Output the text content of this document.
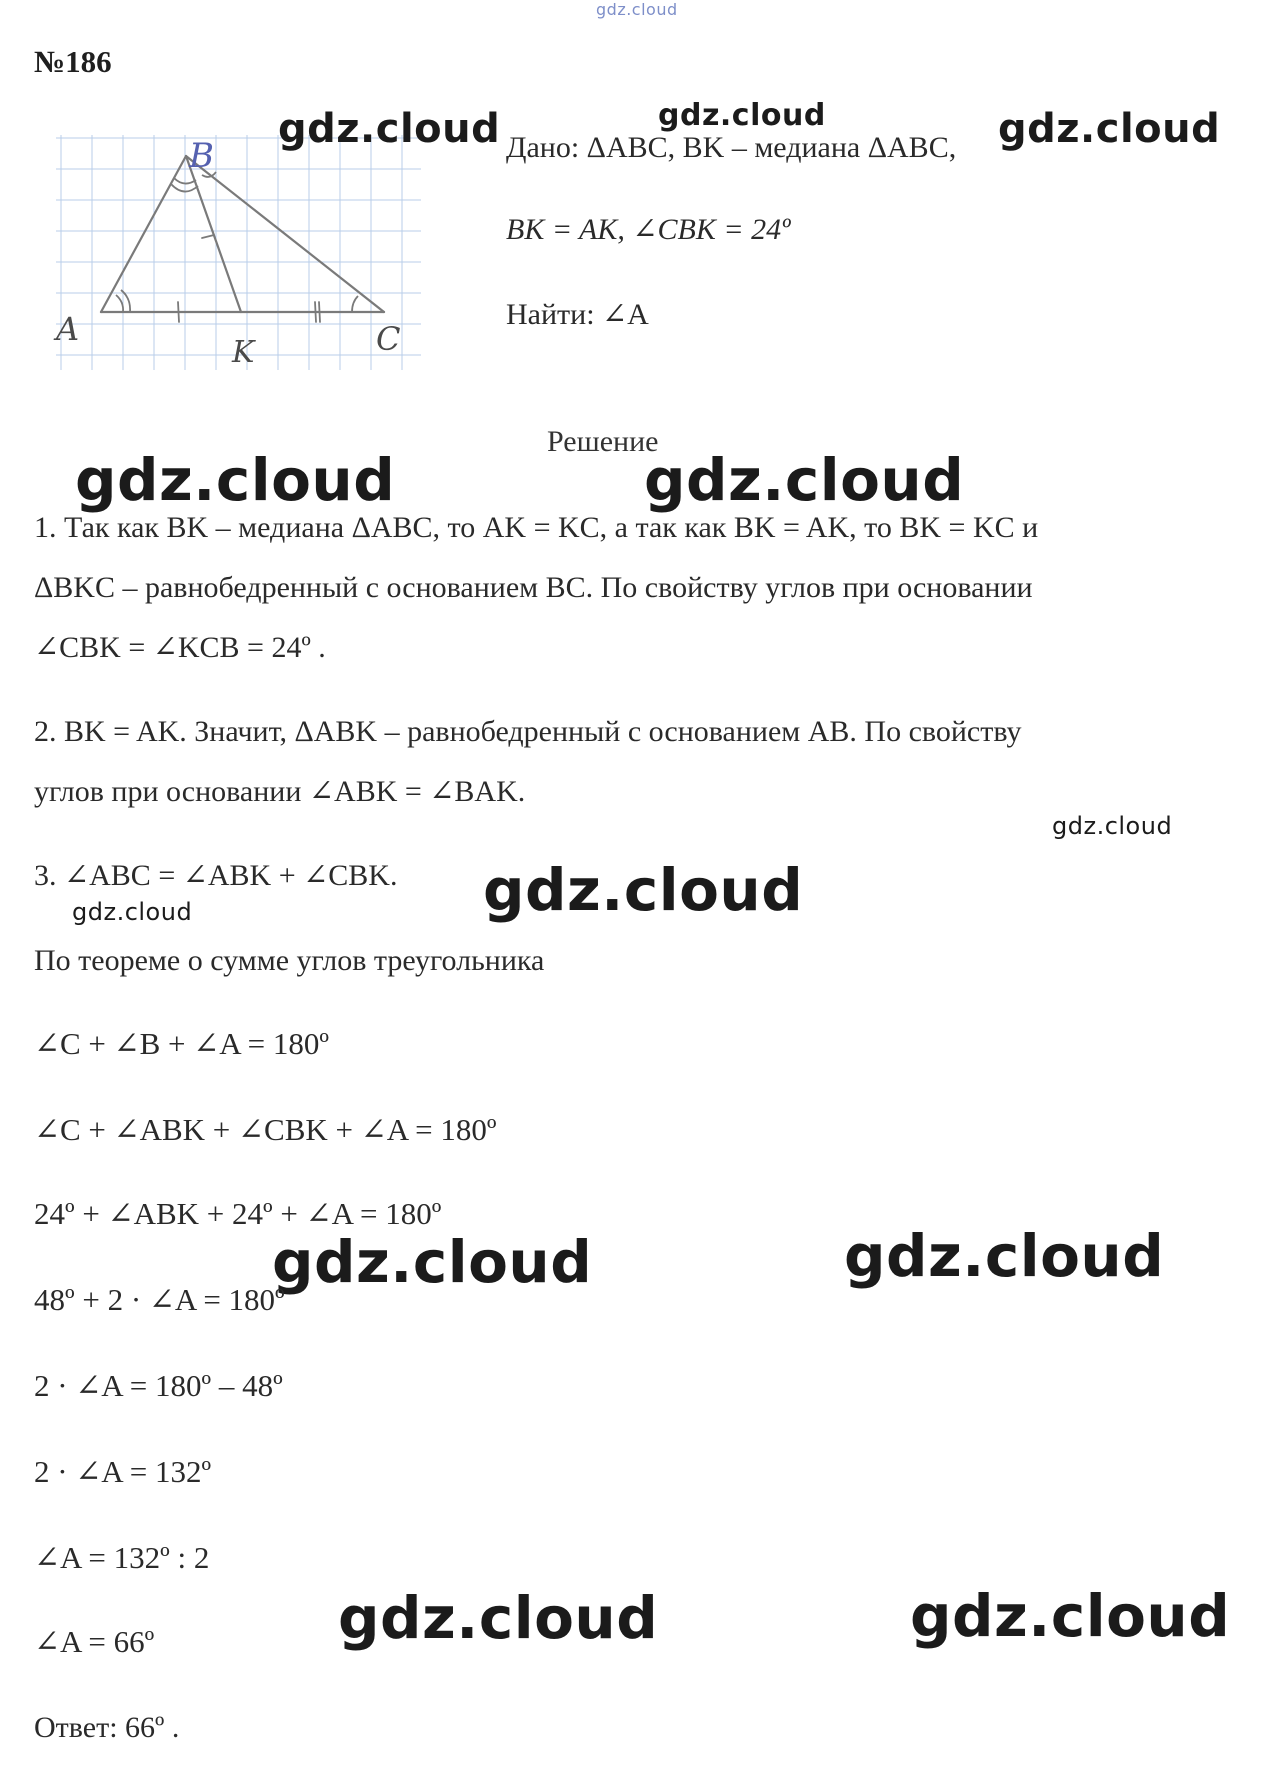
gdz.cloud
№186
B
A
K	C
gdz.cloud	gdz.cloud	gdz.cloud
Дано: ΔABC, BK – медиана ΔABC,
BK = AK, ∠CBK = 24º
Найти: ∠A
Решение
gdz.cloud	gdz.cloud
1. Так как BK – медиана ΔABC, то AK = KC, а так как BK = AK, то BK = KC и
ΔBKC – равнобедренный с основанием BC. По свойству углов при основании
∠CBK = ∠KCB = 24º .
2. BK = AK. Значит, ΔABK – равнобедренный с основанием AB. По свойству
углов при основании ∠ABK = ∠BAK.
gdz.cloud
3. ∠ABC = ∠ABK + ∠CBK.
gdz.cloud	gdz.cloud
По теореме о сумме углов треугольника
∠C + ∠B + ∠A = 180º
∠C + ∠ABK + ∠CBK + ∠A = 180º
24º + ∠ABK + 24º + ∠A = 180º
gdz.cloud	gdz.cloud
48º + 2 · ∠A = 180º
2 · ∠A = 180º – 48º
2 · ∠A = 132º
∠A = 132º : 2
gdz.cloud	gdz.cloud
∠A = 66º
Ответ: 66º .
